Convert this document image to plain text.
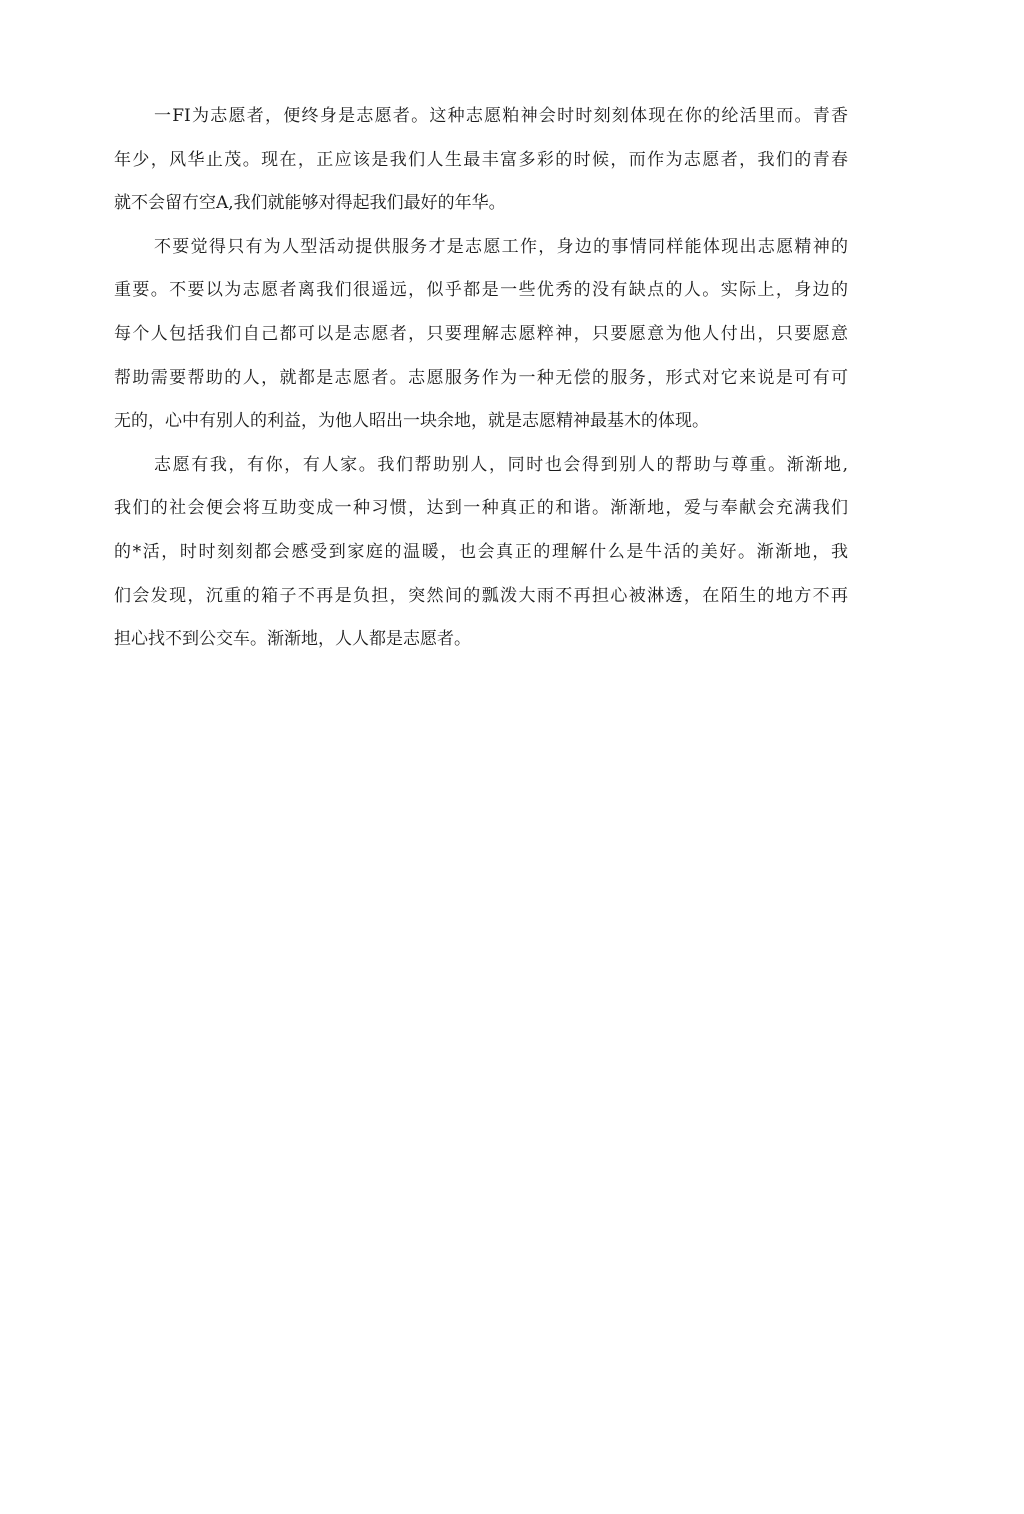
一FI为志愿者，便终身是志愿者。这种志愿粕神会时时刻刻体现在你的纶活里而。青香
年少，风华止茂。现在，正应该是我们人生最丰富多彩的时候，而作为志愿者，我们的青春
就不会留冇空A,我们就能够对得起我们最好的年华。
不要觉得只有为人型活动提供服务才是志愿工作，身边的事情同样能体现出志愿精神的
重要。不要以为志愿者离我们很遥远，似乎都是一些优秀的没有缺点的人。实际上，身边的
每个人包括我们自己都可以是志愿者，只要理解志愿粹神，只要愿意为他人付出，只要愿意
帮助需要帮助的人，就都是志愿者。志愿服务作为一种无偿的服务，形式对它来说是可有可
无的，心中有别人的利益，为他人昭出一块余地，就是志愿精神最基木的体现。
志愿有我，有你，有人家。我们帮助别人，同时也会得到别人的帮助与尊重。渐渐地,
我们的社会便会将互助变成一种习惯，达到一种真正的和谐。渐渐地，爱与奉献会充满我们
的*活，时时刻刻都会慼受到家庭的温暖，也会真正的理解什么是牛活的美好。渐渐地，我
们会发现，沉重的箱子不再是负担，突然间的瓢泼大雨不再担心被淋透，在陌生的地方不再
担心找不到公交车。渐渐地，人人都是志愿者。
